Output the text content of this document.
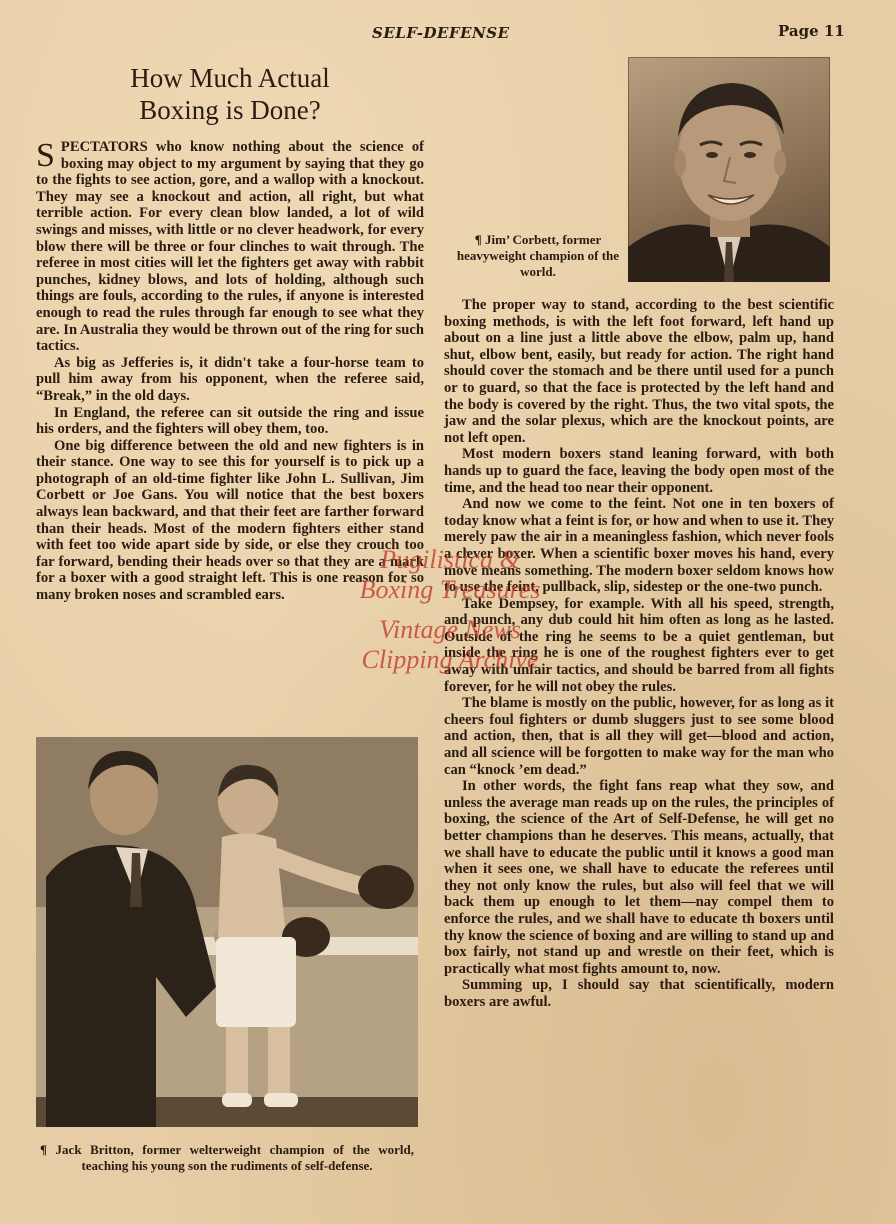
SELF-DEFENSE	Page 11
How Much Actual
Boxing is Done?
¶ Jim’ Corbett, former heavyweight champion of the world.

SPECTATORS who know nothing about the science of boxing may object to my argument by saying that they go to the fights to see action, gore, and a wallop with a knockout. They may see a knockout and action, all right, but what terrible action. For every clean blow landed, a lot of wild swings and misses, with little or no clever headwork, for every blow there will be three or four clinches to wait through. The referee in most cities will let the fighters get away with rabbit punches, kidney blows, and lots of holding, although such things are fouls, according to the rules, if anyone is interested enough to read the rules through far enough to see what they are. In Australia they would be thrown out of the ring for such tactics.

As big as Jefferies is, it didn't take a four-horse team to pull him away from his opponent, when the referee said, “Break,” in the old days.

In England, the referee can sit outside the ring and issue his orders, and the fighters will obey them, too.

One big difference between the old and new fighters is in their stance. One way to see this for yourself is to pick up a photograph of an old-time fighter like John L. Sullivan, Jim Corbett or Joe Gans. You will notice that the best boxers always lean backward, and that their feet are farther forward than their heads. Most of the modern fighters either stand with feet too wide apart side by side, or else they crouch too far forward, bending their heads over so that they are a mark for a boxer with a good straight left. This is one reason for so many broken noses and scrambled ears.

The proper way to stand, according to the best scientific boxing methods, is with the left foot forward, left hand up about on a line just a little above the elbow, palm up, hand shut, elbow bent, easily, but ready for action. The right hand should cover the stomach and be there until used for a punch or to guard, so that the face is protected by the left hand and the body is covered by the right. Thus, the two vital spots, the jaw and the solar plexus, which are the knockout points, are not left open.

Most modern boxers stand leaning forward, with both hands up to guard the face, leaving the body open most of the time, and the head too near their opponent.

And now we come to the feint. Not one in ten boxers of today know what a feint is for, or how and when to use it. They merely paw the air in a meaningless fashion, which never fools a clever boxer. When a scientific boxer moves his hand, every move means something. The modern boxer seldom knows how to use the feint, pullback, slip, sidestep or the one-two punch.

Take Dempsey, for example. With all his speed, strength, and punch, any dub could hit him often as long as he lasted. Outside of the ring he seems to be a quiet gentleman, but inside the ring he is one of the roughest fighters ever to get away with unfair tactics, and should be barred from all fights forever, for he will not obey the rules.

The blame is mostly on the public, however, for as long as it cheers foul fighters or dumb sluggers just to see some blood and action, then, that is all they will get—blood and action, and all science will be forgotten to make way for the man who can “knock ’em dead.”

In other words, the fight fans reap what they sow, and unless the average man reads up on the rules, the principles of boxing, the science of the Art of Self-Defense, he will get no better champions than he deserves. This means, actually, that we shall have to educate the public until it knows a good man when it sees one, we shall have to educate the referees until they not only know the rules, but also will feel that we will back them up enough to let them—nay compel them to enforce the rules, and we shall have to educate th boxers until thy know the science of boxing and are willing to stand up and box fairly, not stand up and wrestle on their feet, which is practically what most fights amount to, now.

Summing up, I should say that scientifically, modern boxers are awful.

¶ Jack Britton, former welterweight champion of the world, teaching his young son the rudiments of self-defense.
Pugilistica &
Boxing Treasures
Vintage News
Clipping Archive
